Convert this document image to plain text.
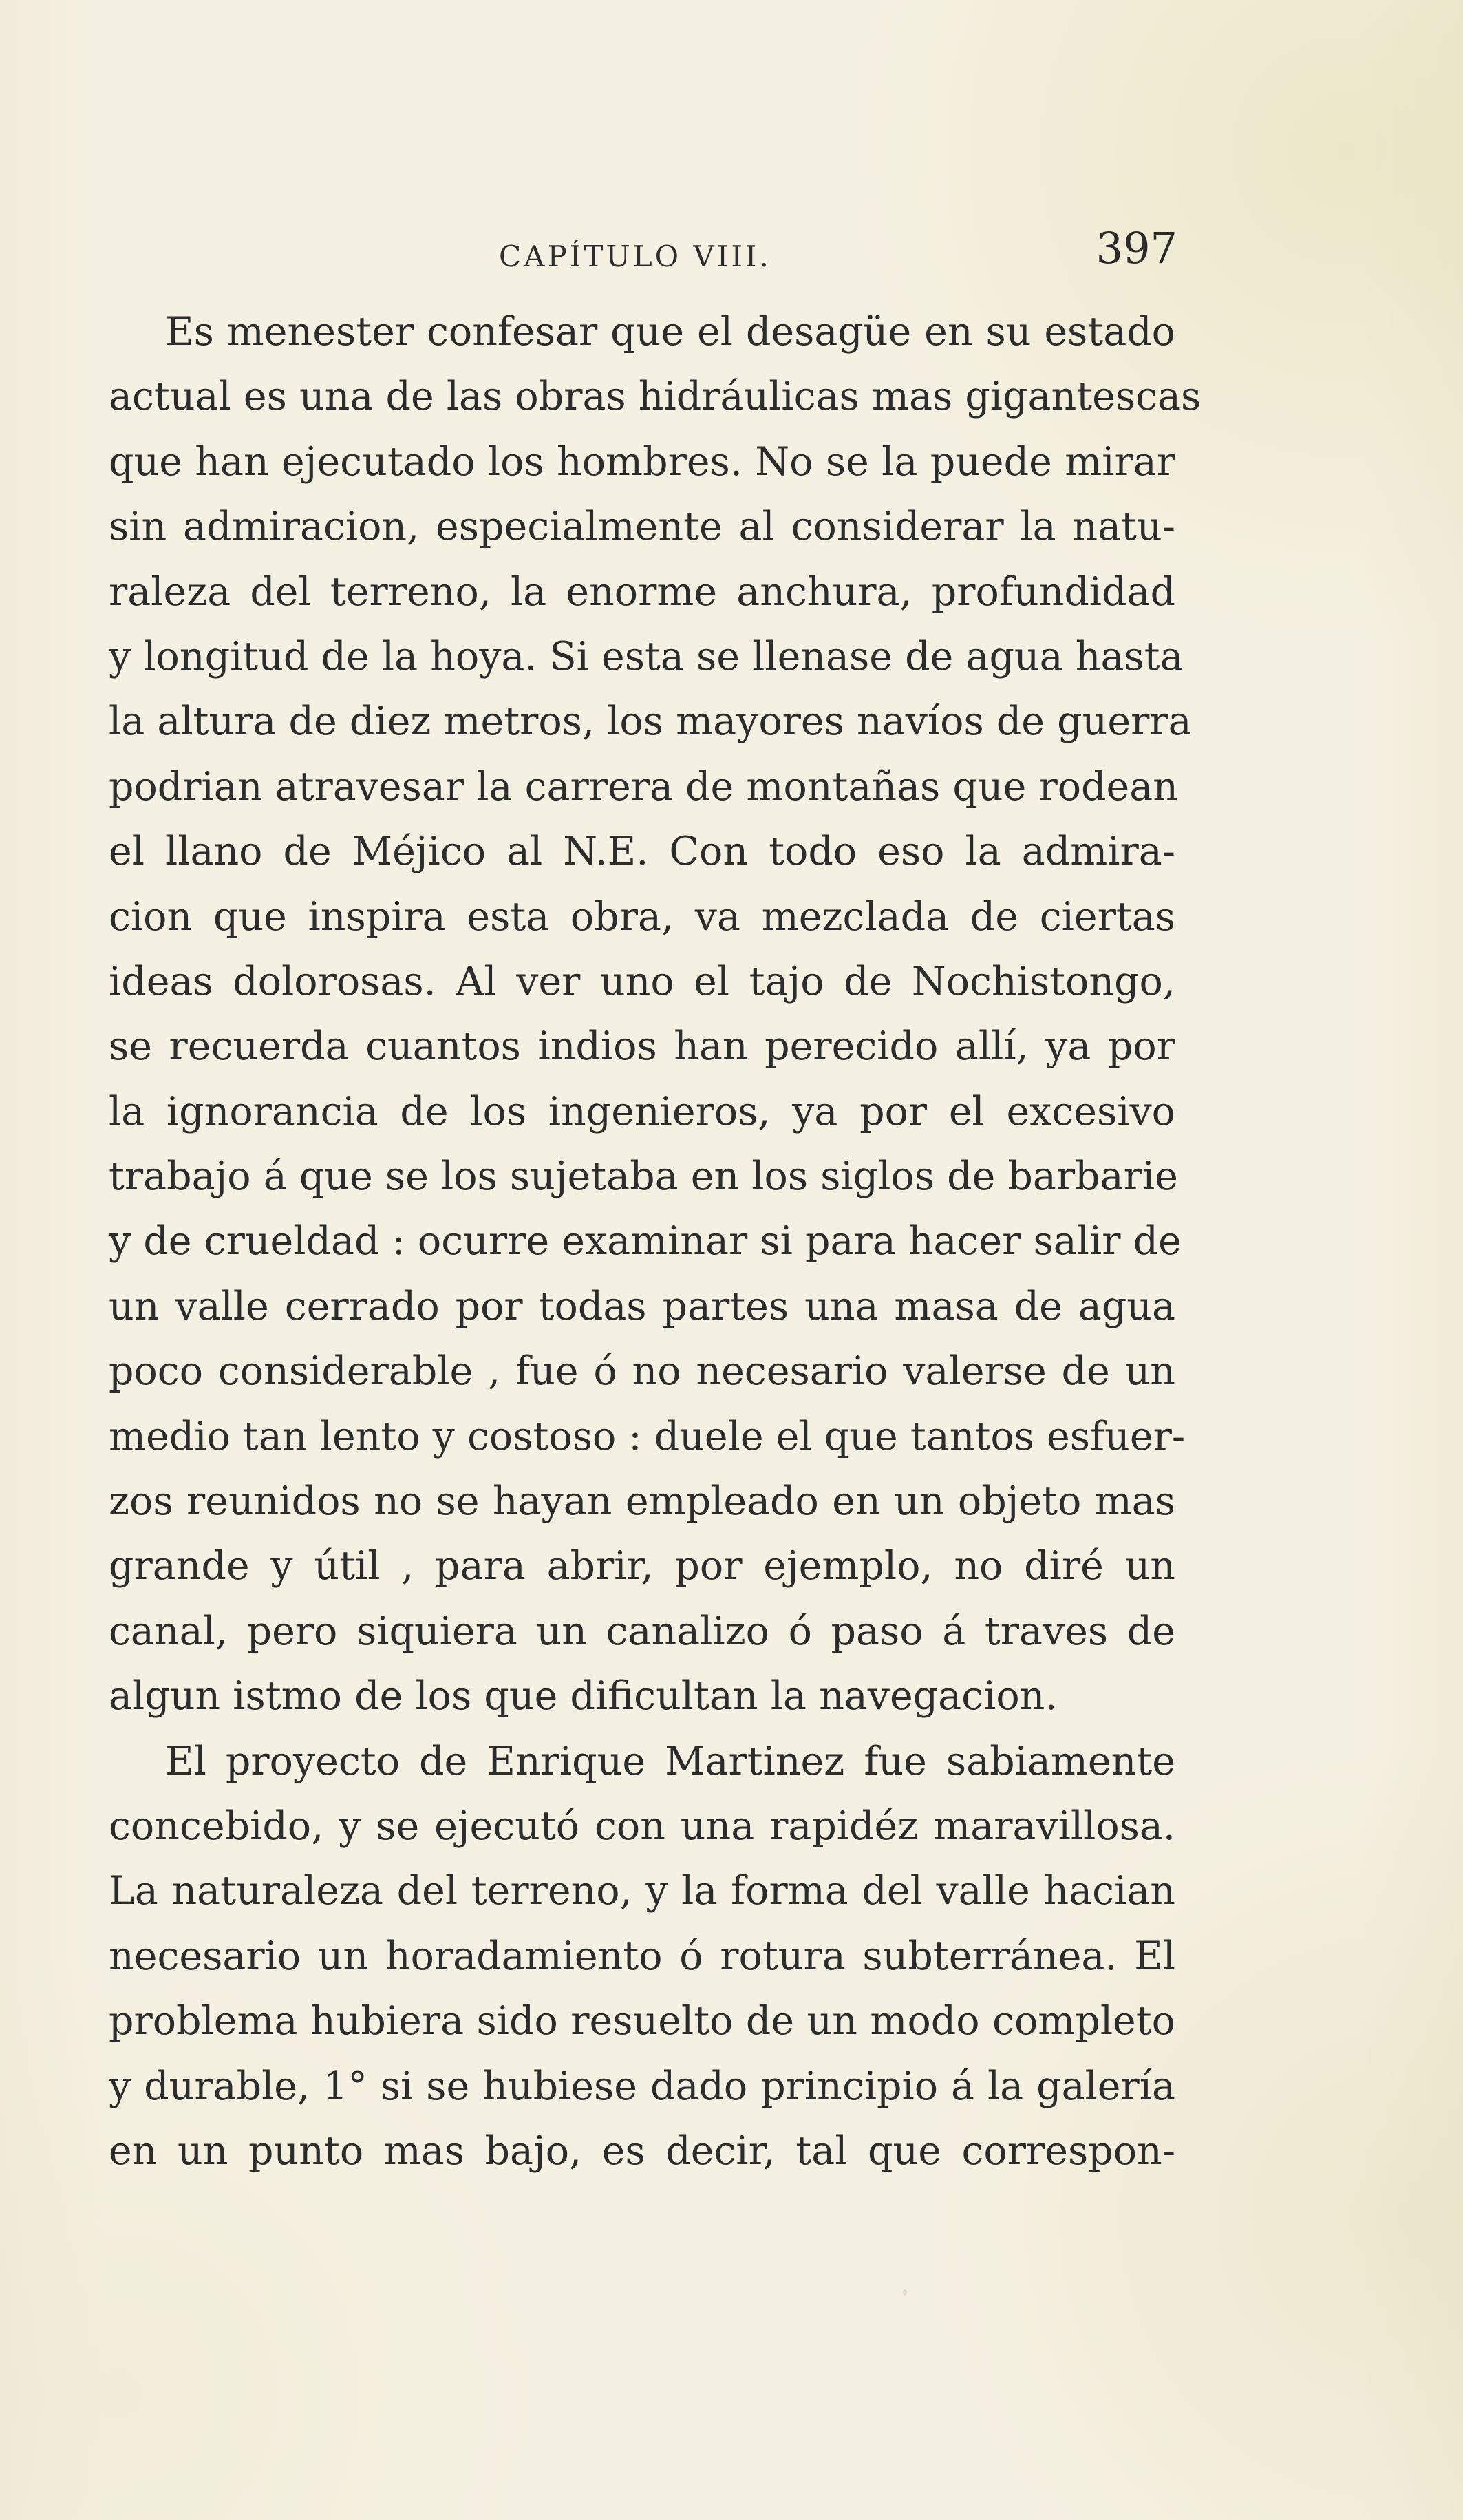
CAPÍTULO VIII.	397
Es menester confesar que el desagüe en su estado
actual es una de las obras hidráulicas mas gigantescas
que han ejecutado los hombres. No se la puede mirar
sin admiracion, especialmente al considerar la natu-
raleza del terreno, la enorme anchura, profundidad
y longitud de la hoya. Si esta se llenase de agua hasta
la altura de diez metros, los mayores navíos de guerra
podrian atravesar la carrera de montañas que rodean
el llano de Méjico al N.E. Con todo eso la admira-
cion que inspira esta obra, va mezclada de ciertas
ideas dolorosas. Al ver uno el tajo de Nochistongo,
se recuerda cuantos indios han perecido allí, ya por
la ignorancia de los ingenieros, ya por el excesivo
trabajo á que se los sujetaba en los siglos de barbarie
y de crueldad : ocurre examinar si para hacer salir de
un valle cerrado por todas partes una masa de agua
poco considerable , fue ó no necesario valerse de un
medio tan lento y costoso : duele el que tantos esfuer-
zos reunidos no se hayan empleado en un objeto mas
grande y útil , para abrir, por ejemplo, no diré un
canal, pero siquiera un canalizo ó paso á traves de
algun istmo de los que dificultan la navegacion.
El proyecto de Enrique Martinez fue sabiamente
concebido, y se ejecutó con una rapidéz maravillosa.
La naturaleza del terreno, y la forma del valle hacian
necesario un horadamiento ó rotura subterránea. El
problema hubiera sido resuelto de un modo completo
y durable, 1° si se hubiese dado principio á la galería
en un punto mas bajo, es decir, tal que correspon-
